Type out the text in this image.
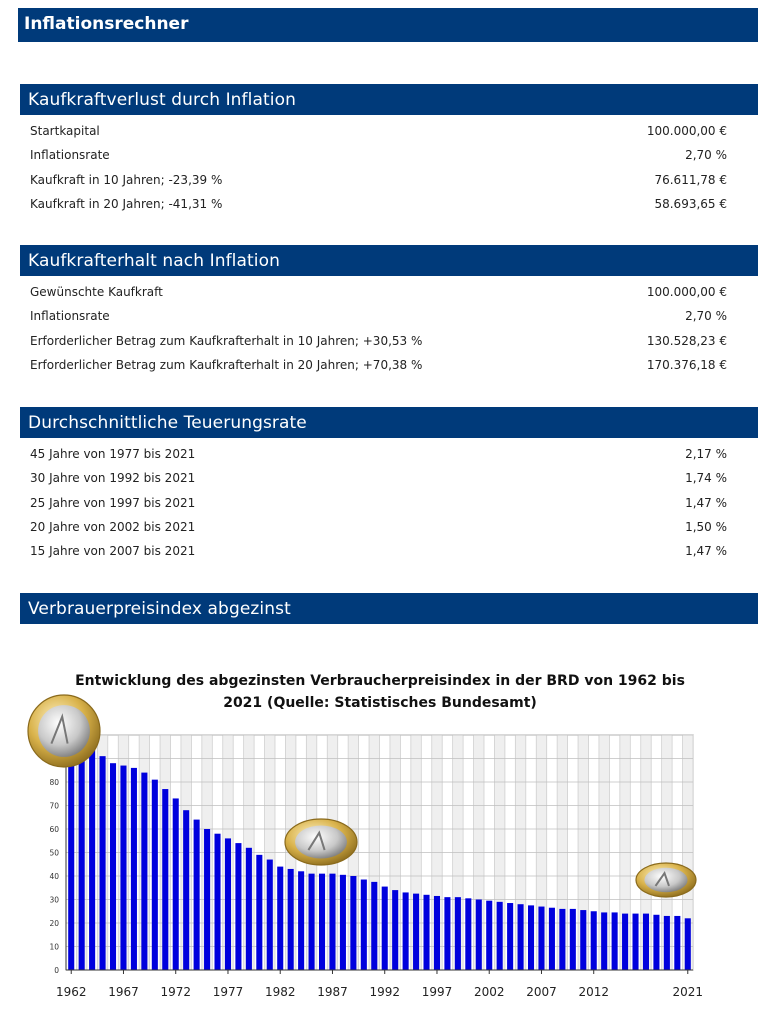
Inflationsrechner
Kaufkraftverlust durch Inflation
Startkapital	100.000,00 €
Inflationsrate	2,70 %
Kaufkraft in 10 Jahren; -23,39 %	76.611,78 €
Kaufkraft in 20 Jahren; -41,31 %	58.693,65 €
Kaufkrafterhalt nach Inflation
Gewünschte Kaufkraft	100.000,00 €
Inflationsrate	2,70 %
Erforderlicher Betrag zum Kaufkrafterhalt in 10 Jahren; +30,53 %	130.528,23 €
Erforderlicher Betrag zum Kaufkrafterhalt in 20 Jahren; +70,38 %	170.376,18 €
Durchschnittliche Teuerungsrate
45 Jahre von 1977 bis 2021	2,17 %
30 Jahre von 1992 bis 2021	1,74 %
25 Jahre von 1997 bis 2021	1,47 %
20 Jahre von 2002 bis 2021	1,50 %
15 Jahre von 2007 bis 2021	1,47 %
Verbrauerpreisindex abgezinst
Entwicklung des abgezinsten Verbraucherpreisindex in der BRD von 1962 bis 2021 (Quelle: Statistisches Bundesamt)
0
10
20
30
40
50
60
70
80
1962 1967 1972 1977 1982 1987 1992 1997 2002 2007 2012	2021
